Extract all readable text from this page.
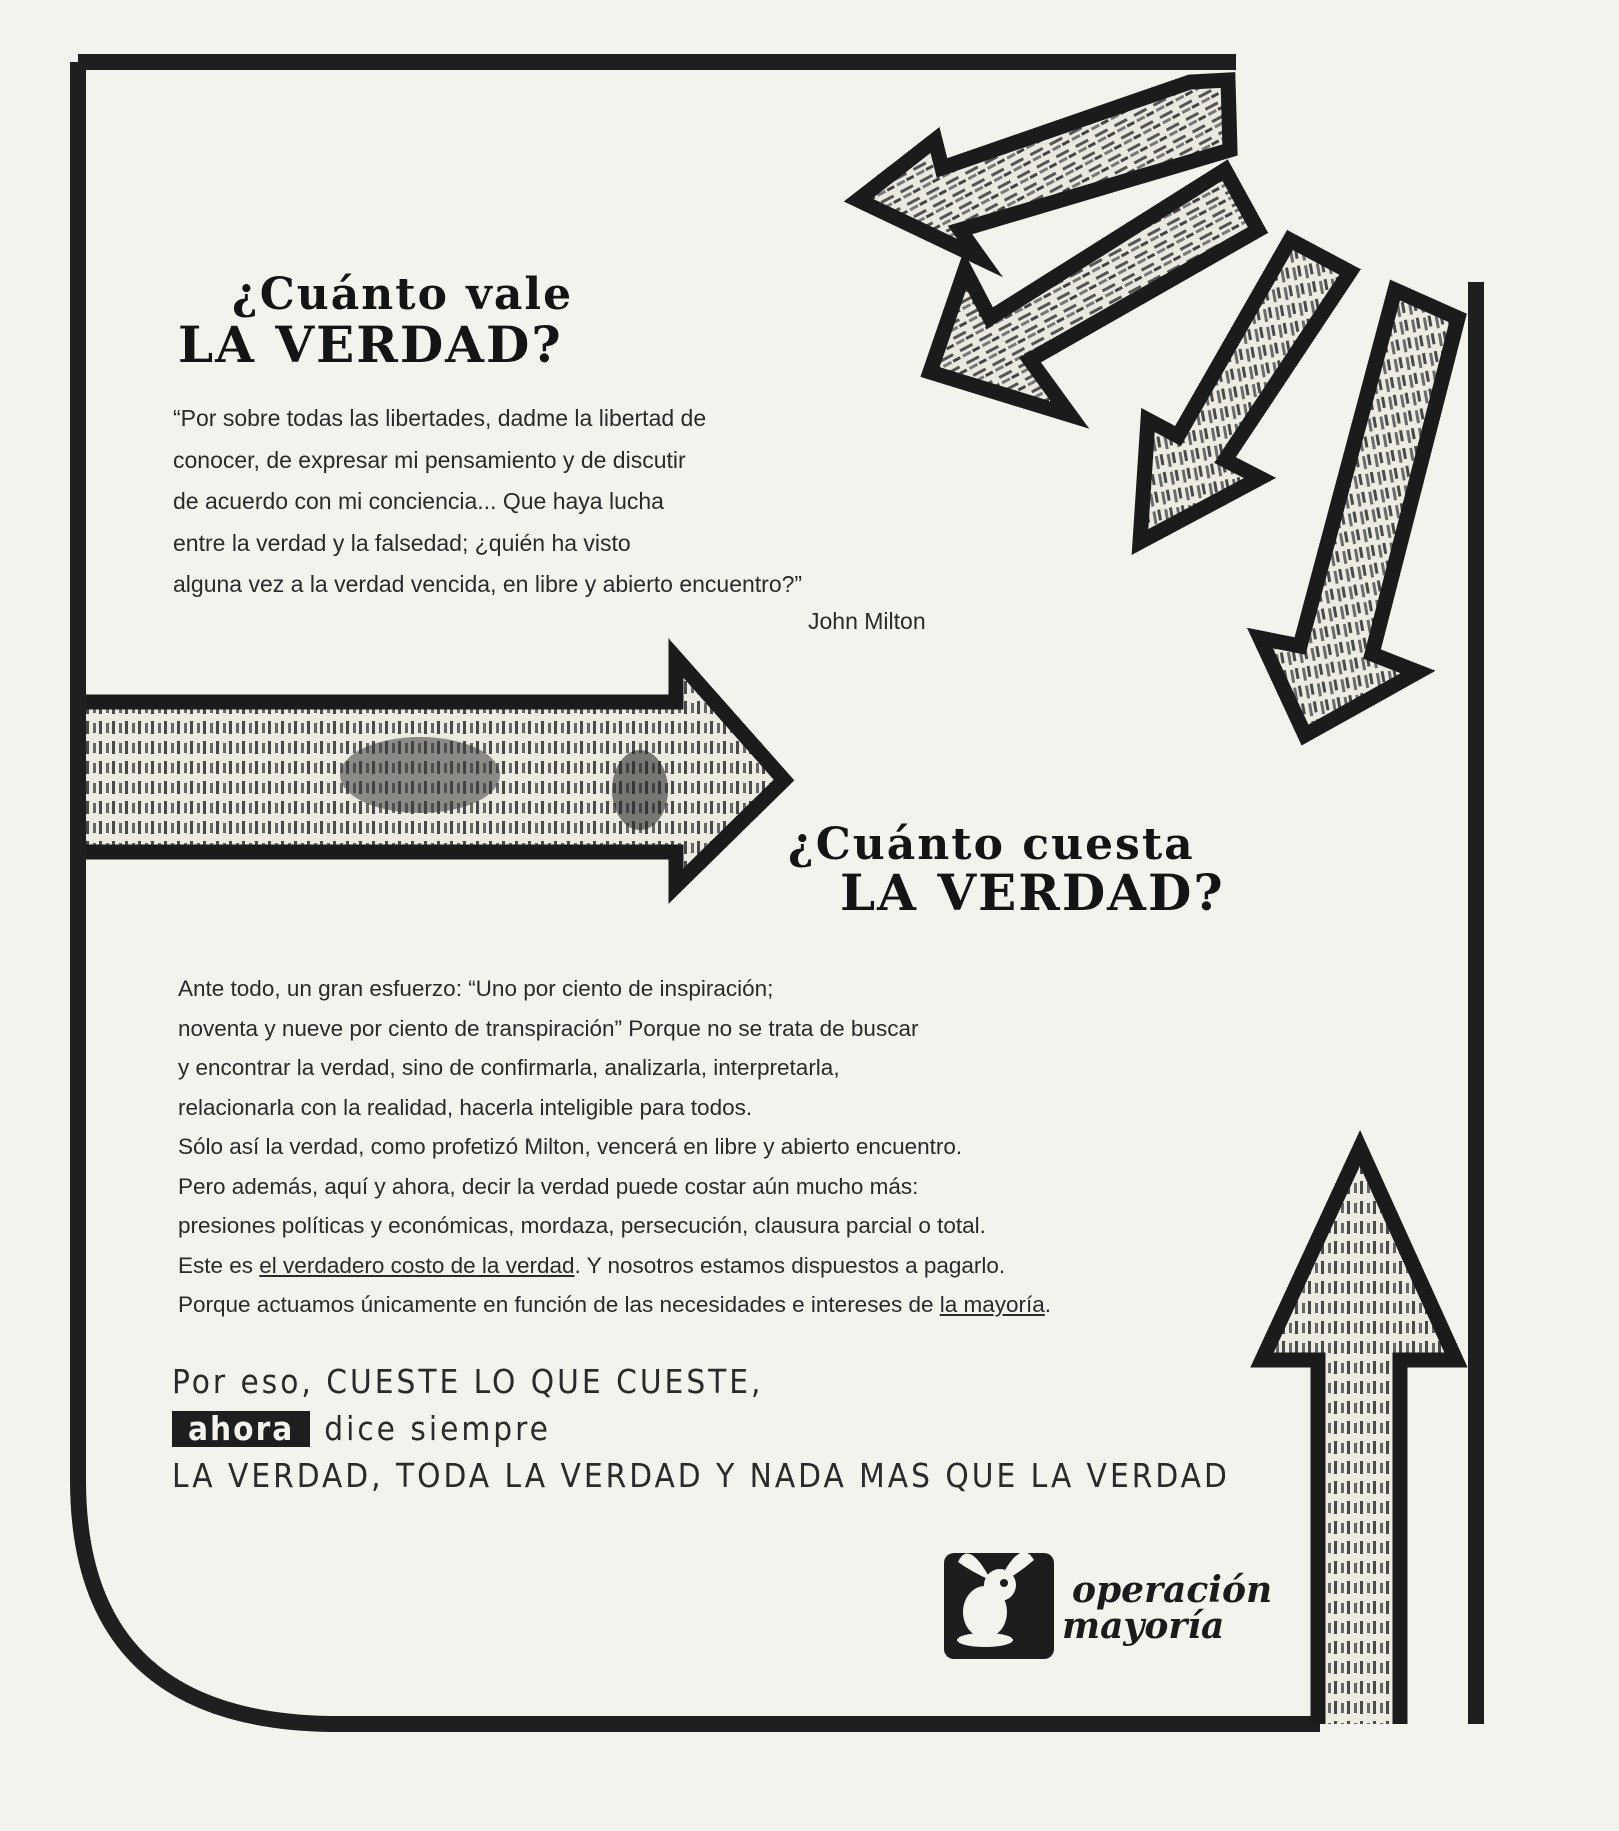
¿Cuánto vale

LA VERDAD?

“Por sobre todas las libertades, dadme la libertad de

conocer, de expresar mi pensamiento y de discutir

de acuerdo con mi conciencia... Que haya lucha

entre la verdad y la falsedad; ¿quién ha visto

alguna vez a la verdad vencida, en libre y abierto encuentro?”

John Milton

¿Cuánto cuesta

LA VERDAD?

Ante todo, un gran esfuerzo: “Uno por ciento de inspiración;

noventa y nueve por ciento de transpiración” Porque no se trata de buscar

y encontrar la verdad, sino de confirmarla, analizarla, interpretarla,

relacionarla con la realidad, hacerla inteligible para todos.

Sólo así la verdad, como profetizó Milton, vencerá en libre y abierto encuentro.

Pero además, aquí y ahora, decir la verdad puede costar aún mucho más:

presiones políticas y económicas, mordaza, persecución, clausura parcial o total.

Este es el verdadero costo de la verdad. Y nosotros estamos dispuestos a pagarlo.

Porque actuamos únicamente en función de las necesidades e intereses de la mayoría.

Por eso, CUESTE LO QUE CUESTE,

ahora dice siempre

LA VERDAD, TODA LA VERDAD Y NADA MAS QUE LA VERDAD

operación

mayoría
